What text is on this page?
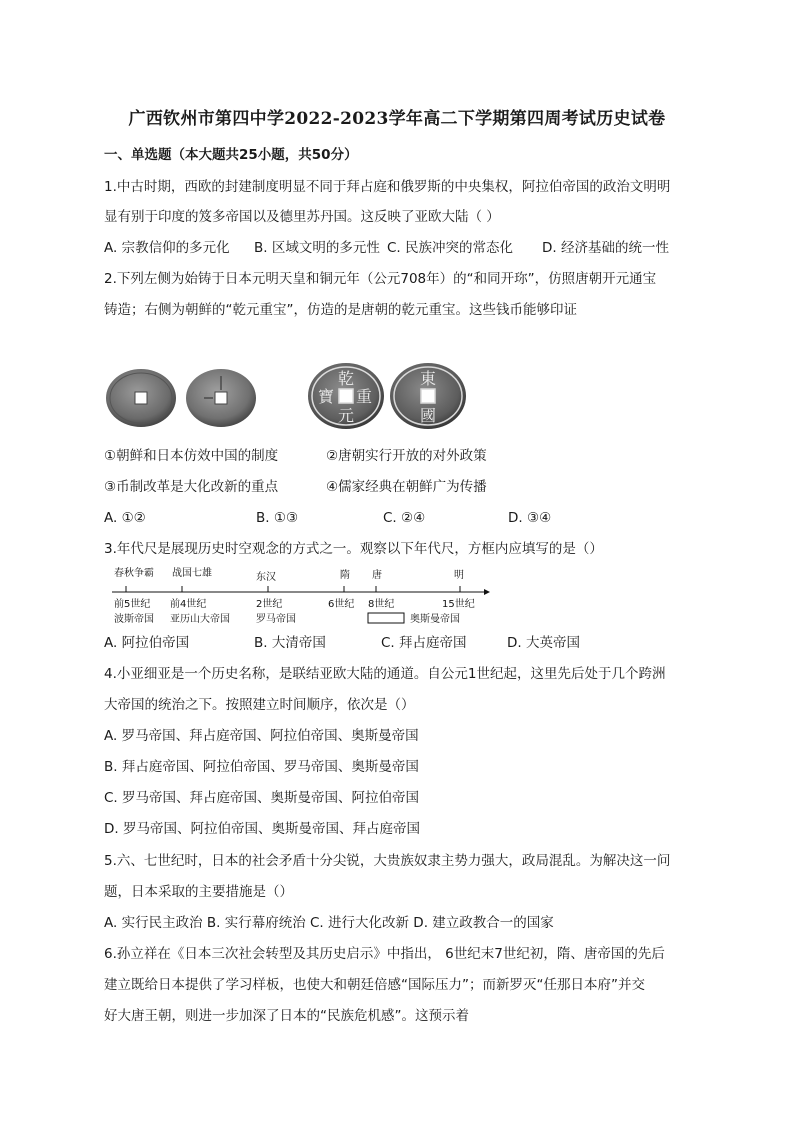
广西钦州市第四中学2022-2023学年高二下学期第四周考试历史试卷
一、单选题（本大题共25小题，共50分）
1.中古时期，西欧的封建制度明显不同于拜占庭和俄罗斯的中央集权，阿拉伯帝国的政治文明明
显有别于印度的笈多帝国以及德里苏丹国。这反映了亚欧大陆（ ）
A. 宗教信仰的多元化 B. 区域文明的多元性 C. 民族冲突的常态化 D. 经济基础的统一性
2.下列左侧为始铸于日本元明天皇和铜元年（公元708年）的“和同开珎”，仿照唐朝开元通宝
铸造；右侧为朝鲜的“乾元重宝”，仿造的是唐朝的乾元重宝。这些钱币能够印证
乾
元
重
寶
東
國
①朝鲜和日本仿效中国的制度	②唐朝实行开放的对外政策
③币制改革是大化改新的重点	④儒家经典在朝鲜广为传播
A. ①②	B. ①③	C. ②④	D. ③④
3.年代尺是展现历史时空观念的方式之一。观察以下年代尺，方框内应填写的是（）
春秋争霸 战国七雄	东汉	隋 唐	明
前5世纪 前4世纪	2世纪	6世纪 8世纪	15世纪
波斯帝国 亚历山大帝国	罗马帝国	奥斯曼帝国
A. 阿拉伯帝国	B. 大清帝国	C. 拜占庭帝国	D. 大英帝国
4.小亚细亚是一个历史名称，是联结亚欧大陆的通道。自公元1世纪起，这里先后处于几个跨洲
大帝国的统治之下。按照建立时间顺序，依次是（）
A. 罗马帝国、拜占庭帝国、阿拉伯帝国、奥斯曼帝国
B. 拜占庭帝国、阿拉伯帝国、罗马帝国、奥斯曼帝国
C. 罗马帝国、拜占庭帝国、奥斯曼帝国、阿拉伯帝国
D. 罗马帝国、阿拉伯帝国、奥斯曼帝国、拜占庭帝国
5.六、七世纪时，日本的社会矛盾十分尖锐，大贵族奴隶主势力强大，政局混乱。为解决这一问
题，日本采取的主要措施是（）
A. 实行民主政治 B. 实行幕府统治 C. 进行大化改新 D. 建立政教合一的国家
6.孙立祥在《日本三次社会转型及其历史启示》中指出， 6世纪末7世纪初，隋、唐帝国的先后
建立既给日本提供了学习样板，也使大和朝廷倍感“国际压力”；而新罗灭“任那日本府”并交
好大唐王朝，则进一步加深了日本的“民族危机感”。这预示着
